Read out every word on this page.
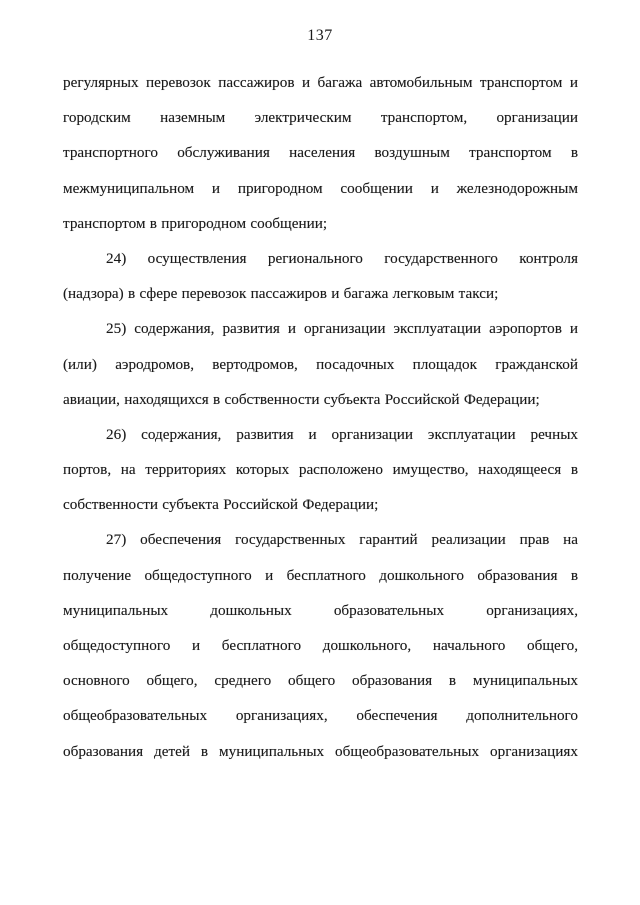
137
регулярных перевозок пассажиров и багажа автомобильным транспортом и
городским наземным электрическим транспортом, организации
транспортного обслуживания населения воздушным транспортом в
межмуниципальном и пригородном сообщении и железнодорожным
транспортом в пригородном сообщении;
24) осуществления регионального государственного контроля
(надзора) в сфере перевозок пассажиров и багажа легковым такси;
25) содержания, развития и организации эксплуатации аэропортов и
(или) аэродромов, вертодромов, посадочных площадок гражданской
авиации, находящихся в собственности субъекта Российской Федерации;
26) содержания, развития и организации эксплуатации речных
портов, на территориях которых расположено имущество, находящееся в
собственности субъекта Российской Федерации;
27) обеспечения государственных гарантий реализации прав на
получение общедоступного и бесплатного дошкольного образования в
муниципальных дошкольных образовательных организациях,
общедоступного и бесплатного дошкольного, начального общего,
основного общего, среднего общего образования в муниципальных
общеобразовательных организациях, обеспечения дополнительного
образования детей в муниципальных общеобразовательных организациях
